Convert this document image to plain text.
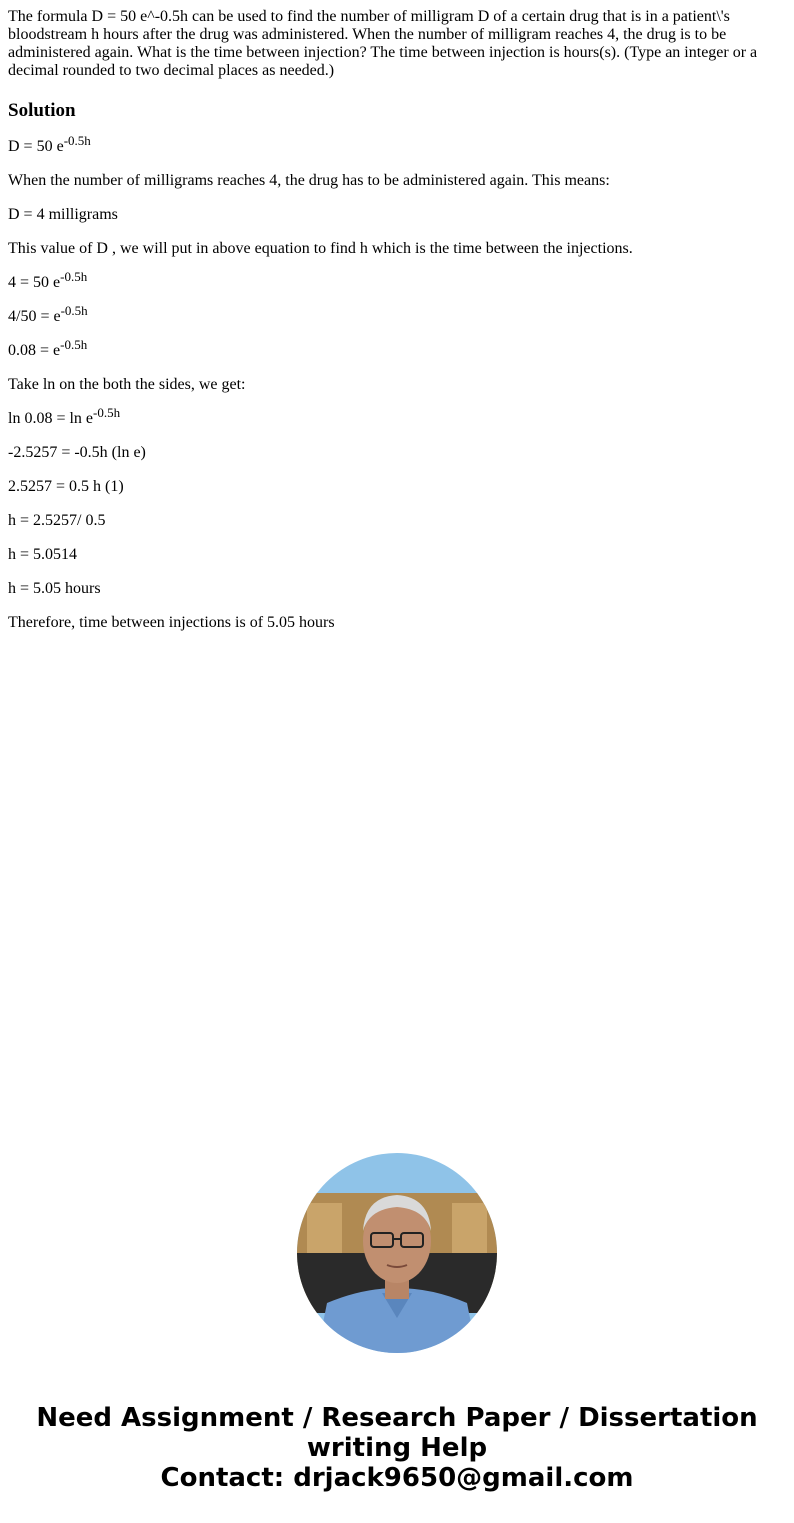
The formula D = 50 e^-0.5h can be used to find the number of milligram D of a certain drug that is in a patient\'s bloodstream h hours after the drug was administered. When the number of milligram reaches 4, the drug is to be administered again. What is the time between injection? The time between injection is hours(s). (Type an integer or a decimal rounded to two decimal places as needed.)

Solution

D = 50 $e^{-0.5h}$

When the number of milligrams reaches 4, the drug has to be administered again. This means:

D = 4 milligrams

This value of D , we will put in above equation to find h which is the time between the injections.

4 = 50 $e^{-0.5h}$

$4/50 = e^{-0.5h}$

$0.08 = e^{-0.5h}$

Take ln on the both the sides, we get:

$\ln 0.08 = \ln e^{-0.5h}$

-2.5257 = -0.5h (ln e)

2.5257 = 0.5 h (1)

h = 2.5257/ 0.5

h = 5.0514

h = 5.05 hours

Therefore, time between injections is of 5.05 hours

Need Assignment / Research Paper / Dissertation
writing Help
Contact: drjack9650@gmail.com
